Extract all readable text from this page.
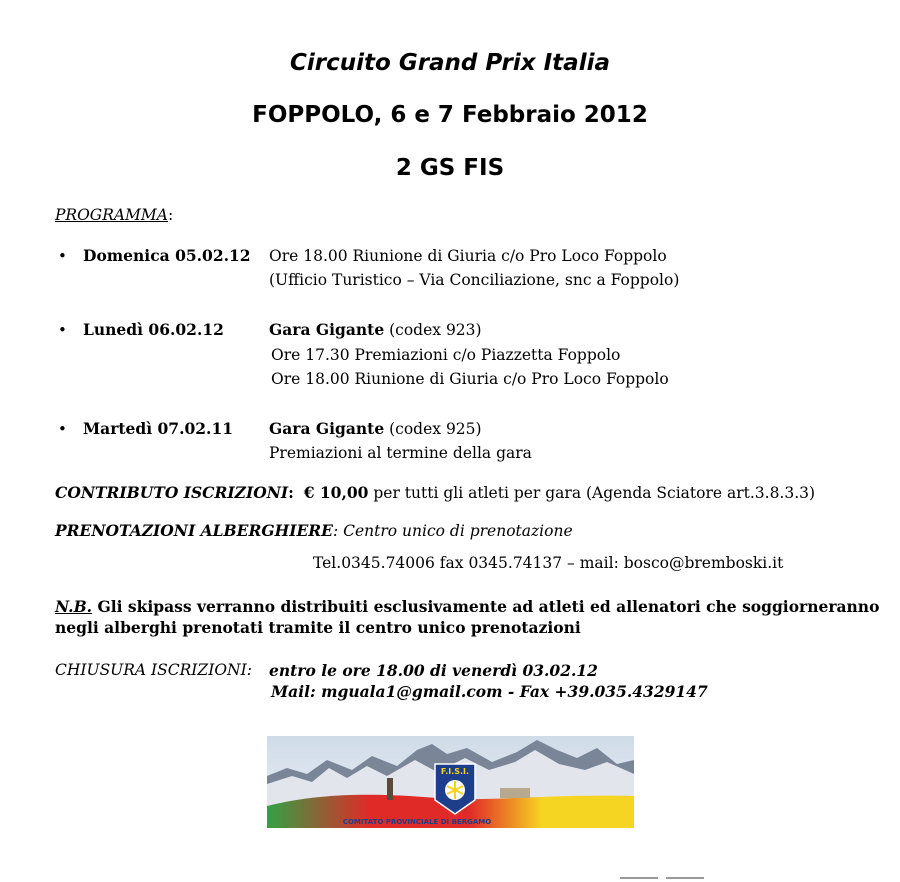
Circuito Grand Prix Italia
FOPPOLO, 6 e 7 Febbraio 2012
2 GS FIS
PROGRAMMA:
• Domenica 05.02.12 Ore 18.00 Riunione di Giuria c/o Pro Loco Foppolo
(Ufficio Turistico – Via Conciliazione, snc a Foppolo)
• Lunedì 06.02.12	Gara Gigante (codex 923)
Ore 17.30 Premiazioni c/o Piazzetta Foppolo
Ore 18.00 Riunione di Giuria c/o Pro Loco Foppolo
• Martedì 07.02.11 Gara Gigante (codex 925)
Premiazioni al termine della gara
CONTRIBUTO ISCRIZIONI: € 10,00 per tutti gli atleti per gara (Agenda Sciatore art.3.8.3.3)
PRENOTAZIONI ALBERGHIERE: Centro unico di prenotazione
Tel.0345.74006 fax 0345.74137 – mail: bosco@bremboski.it
N.B. Gli skipass verranno distribuiti esclusivamente ad atleti ed allenatori che soggiorneranno
negli alberghi prenotati tramite il centro unico prenotazioni
CHIUSURA ISCRIZIONI: entro le ore 18.00 di venerdì 03.02.12
Mail: mguala1@gmail.com - Fax +39.035.4329147
F.I.S.I.
COMITATO PROVINCIALE DI BERGAMO
